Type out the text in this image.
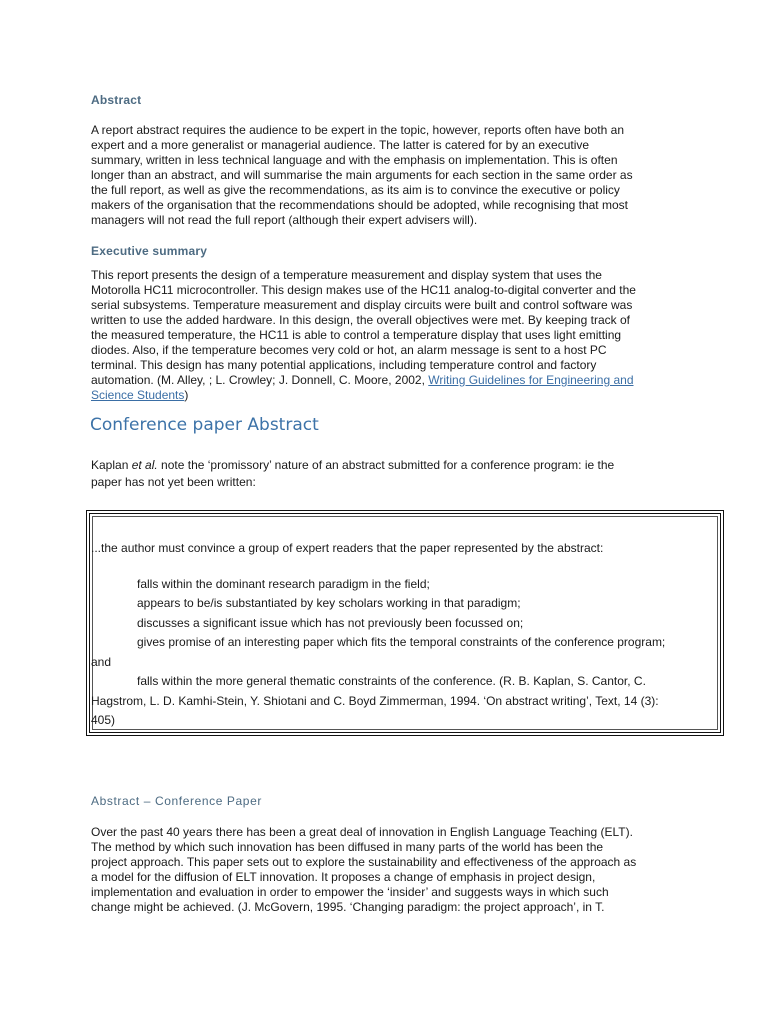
Abstract
A report abstract requires the audience to be expert in the topic, however, reports often have both an
expert and a more generalist or managerial audience. The latter is catered for by an executive
summary, written in less technical language and with the emphasis on implementation. This is often
longer than an abstract, and will summarise the main arguments for each section in the same order as
the full report, as well as give the recommendations, as its aim is to convince the executive or policy
makers of the organisation that the recommendations should be adopted, while recognising that most
managers will not read the full report (although their expert advisers will).
Executive summary
This report presents the design of a temperature measurement and display system that uses the
Motorolla HC11 microcontroller. This design makes use of the HC11 analog-to-digital converter and the
serial subsystems. Temperature measurement and display circuits were built and control software was
written to use the added hardware. In this design, the overall objectives were met. By keeping track of
the measured temperature, the HC11 is able to control a temperature display that uses light emitting
diodes. Also, if the temperature becomes very cold or hot, an alarm message is sent to a host PC
terminal. This design has many potential applications, including temperature control and factory
automation. (M. Alley, ; L. Crowley; J. Donnell, C. Moore, 2002, Writing Guidelines for Engineering and
Science Students)
Conference paper Abstract
Kaplan et al. note the ‘promissory’ nature of an abstract submitted for a conference program: ie the
paper has not yet been written:
...the author must convince a group of expert readers that the paper represented by the abstract:
falls within the dominant research paradigm in the field;
appears to be/is substantiated by key scholars working in that paradigm;
discusses a significant issue which has not previously been focussed on;
gives promise of an interesting paper which fits the temporal constraints of the conference program;
and
falls within the more general thematic constraints of the conference. (R. B. Kaplan, S. Cantor, C.
Hagstrom, L. D. Kamhi-Stein, Y. Shiotani and C. Boyd Zimmerman, 1994. ‘On abstract writing’, Text, 14 (3):
405)
Abstract – Conference Paper
Over the past 40 years there has been a great deal of innovation in English Language Teaching (ELT).
The method by which such innovation has been diffused in many parts of the world has been the
project approach. This paper sets out to explore the sustainability and effectiveness of the approach as
a model for the diffusion of ELT innovation. It proposes a change of emphasis in project design,
implementation and evaluation in order to empower the ‘insider’ and suggests ways in which such
change might be achieved. (J. McGovern, 1995. ‘Changing paradigm: the project approach’, in T.
